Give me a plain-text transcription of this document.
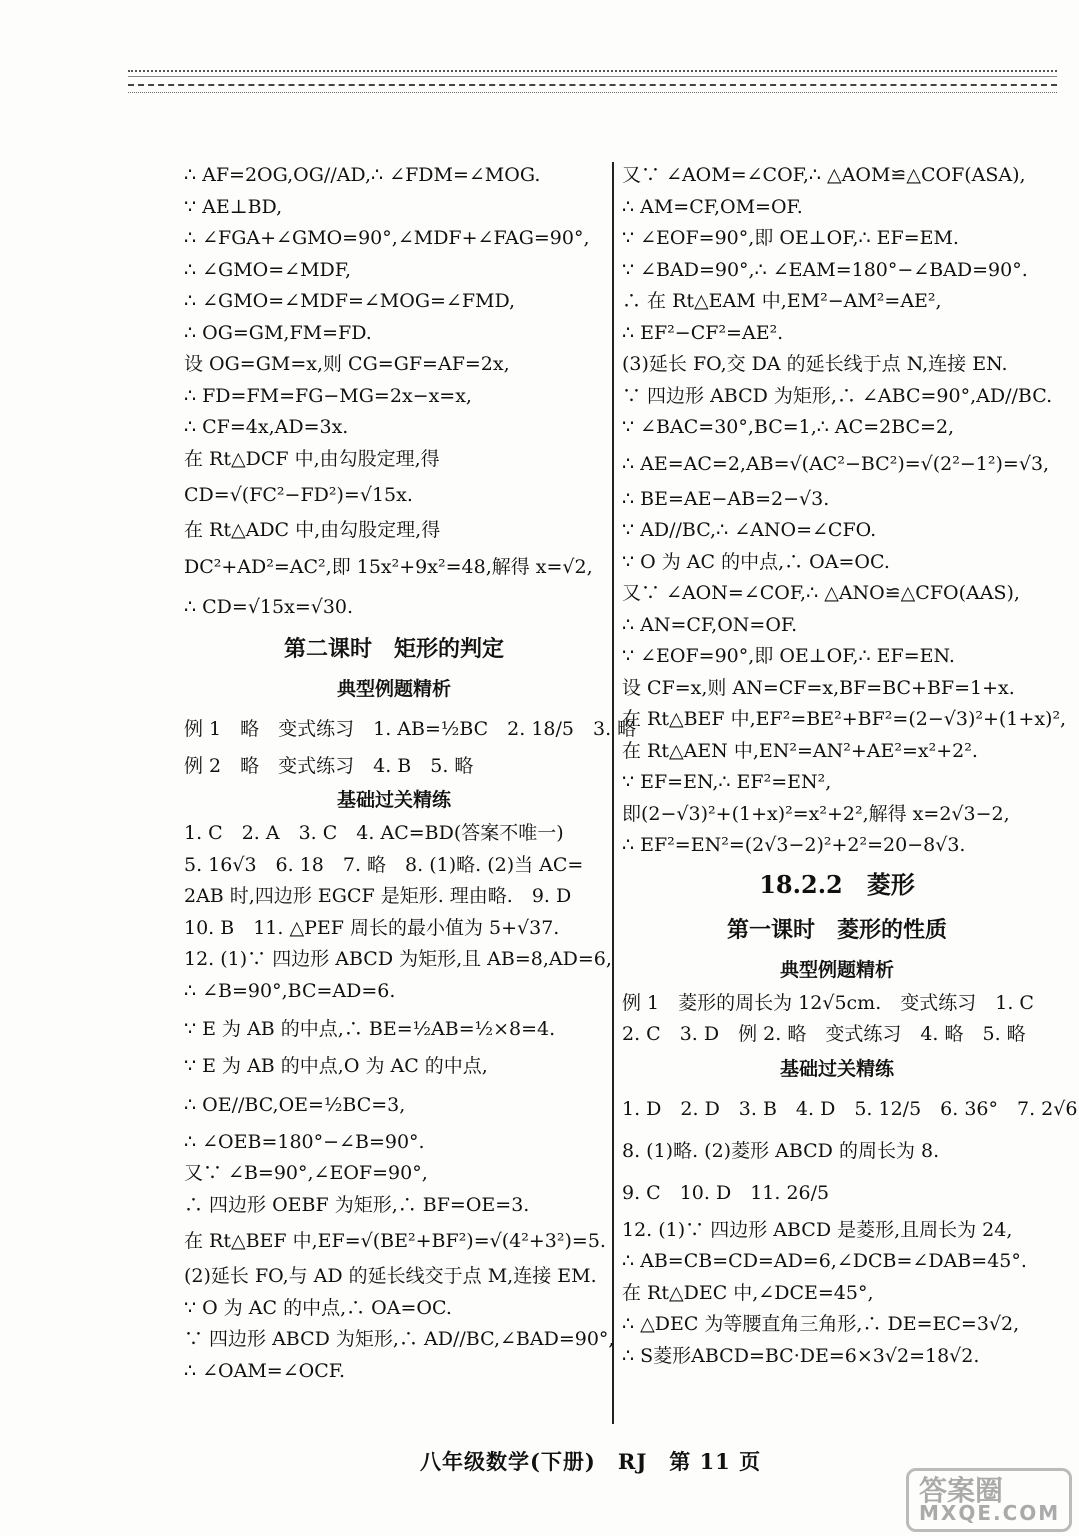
∴ AF=2OG,OG//AD,∴ ∠FDM=∠MOG.
∵ AE⊥BD,
∴ ∠FGA+∠GMO=90°,∠MDF+∠FAG=90°,
∴ ∠GMO=∠MDF,
∴ ∠GMO=∠MDF=∠MOG=∠FMD,
∴ OG=GM,FM=FD.
设 OG=GM=x,则 CG=GF=AF=2x,
∴ FD=FM=FG−MG=2x−x=x,
∴ CF=4x,AD=3x.
在 Rt△DCF 中,由勾股定理,得
CD=√(FC²−FD²)=√15x.
在 Rt△ADC 中,由勾股定理,得
DC²+AD²=AC²,即 15x²+9x²=48,解得 x=√2,
∴ CD=√15x=√30.
第二课时　矩形的判定
典型例题精析
例 1　略　变式练习　1. AB=½BC　2. 18/5　3. 略
例 2　略　变式练习　4. B　5. 略
基础过关精练
1. C　2. A　3. C　4. AC=BD(答案不唯一)
5. 16√3　6. 18　7. 略　8. (1)略. (2)当 AC=
2AB 时,四边形 EGCF 是矩形. 理由略.　9. D
10. B　11. △PEF 周长的最小值为 5+√37.
12. (1)∵ 四边形 ABCD 为矩形,且 AB=8,AD=6,
∴ ∠B=90°,BC=AD=6.
∵ E 为 AB 的中点,∴ BE=½AB=½×8=4.
∵ E 为 AB 的中点,O 为 AC 的中点,
∴ OE//BC,OE=½BC=3,
∴ ∠OEB=180°−∠B=90°.
又∵ ∠B=90°,∠EOF=90°,
∴ 四边形 OEBF 为矩形,∴ BF=OE=3.
在 Rt△BEF 中,EF=√(BE²+BF²)=√(4²+3²)=5.
(2)延长 FO,与 AD 的延长线交于点 M,连接 EM.
∵ O 为 AC 的中点,∴ OA=OC.
∵ 四边形 ABCD 为矩形,∴ AD//BC,∠BAD=90°,
∴ ∠OAM=∠OCF.
又∵ ∠AOM=∠COF,∴ △AOM≌△COF(ASA),
∴ AM=CF,OM=OF.
∵ ∠EOF=90°,即 OE⊥OF,∴ EF=EM.
∵ ∠BAD=90°,∴ ∠EAM=180°−∠BAD=90°.
∴ 在 Rt△EAM 中,EM²−AM²=AE²,
∴ EF²−CF²=AE².
(3)延长 FO,交 DA 的延长线于点 N,连接 EN.
∵ 四边形 ABCD 为矩形,∴ ∠ABC=90°,AD//BC.
∵ ∠BAC=30°,BC=1,∴ AC=2BC=2,
∴ AE=AC=2,AB=√(AC²−BC²)=√(2²−1²)=√3,
∴ BE=AE−AB=2−√3.
∵ AD//BC,∴ ∠ANO=∠CFO.
∵ O 为 AC 的中点,∴ OA=OC.
又∵ ∠AON=∠COF,∴ △ANO≌△CFO(AAS),
∴ AN=CF,ON=OF.
∵ ∠EOF=90°,即 OE⊥OF,∴ EF=EN.
设 CF=x,则 AN=CF=x,BF=BC+BF=1+x.
在 Rt△BEF 中,EF²=BE²+BF²=(2−√3)²+(1+x)²,
在 Rt△AEN 中,EN²=AN²+AE²=x²+2².
∵ EF=EN,∴ EF²=EN²,
即(2−√3)²+(1+x)²=x²+2²,解得 x=2√3−2,
∴ EF²=EN²=(2√3−2)²+2²=20−8√3.
18.2.2　菱形
第一课时　菱形的性质
典型例题精析
例 1　菱形的周长为 12√5cm.　变式练习　1. C
2. C　3. D　例 2. 略　变式练习　4. 略　5. 略
基础过关精练
1. D　2. D　3. B　4. D　5. 12/5　6. 36°　7. 2√6
8. (1)略. (2)菱形 ABCD 的周长为 8.
9. C　10. D　11. 26/5
12. (1)∵ 四边形 ABCD 是菱形,且周长为 24,
∴ AB=CB=CD=AD=6,∠DCB=∠DAB=45°.
在 Rt△DEC 中,∠DCE=45°,
∴ △DEC 为等腰直角三角形,∴ DE=EC=3√2,
∴ S菱形ABCD=BC·DE=6×3√2=18√2.
八年级数学(下册)　RJ　第 11 页
答案圈
MXQE.COM
